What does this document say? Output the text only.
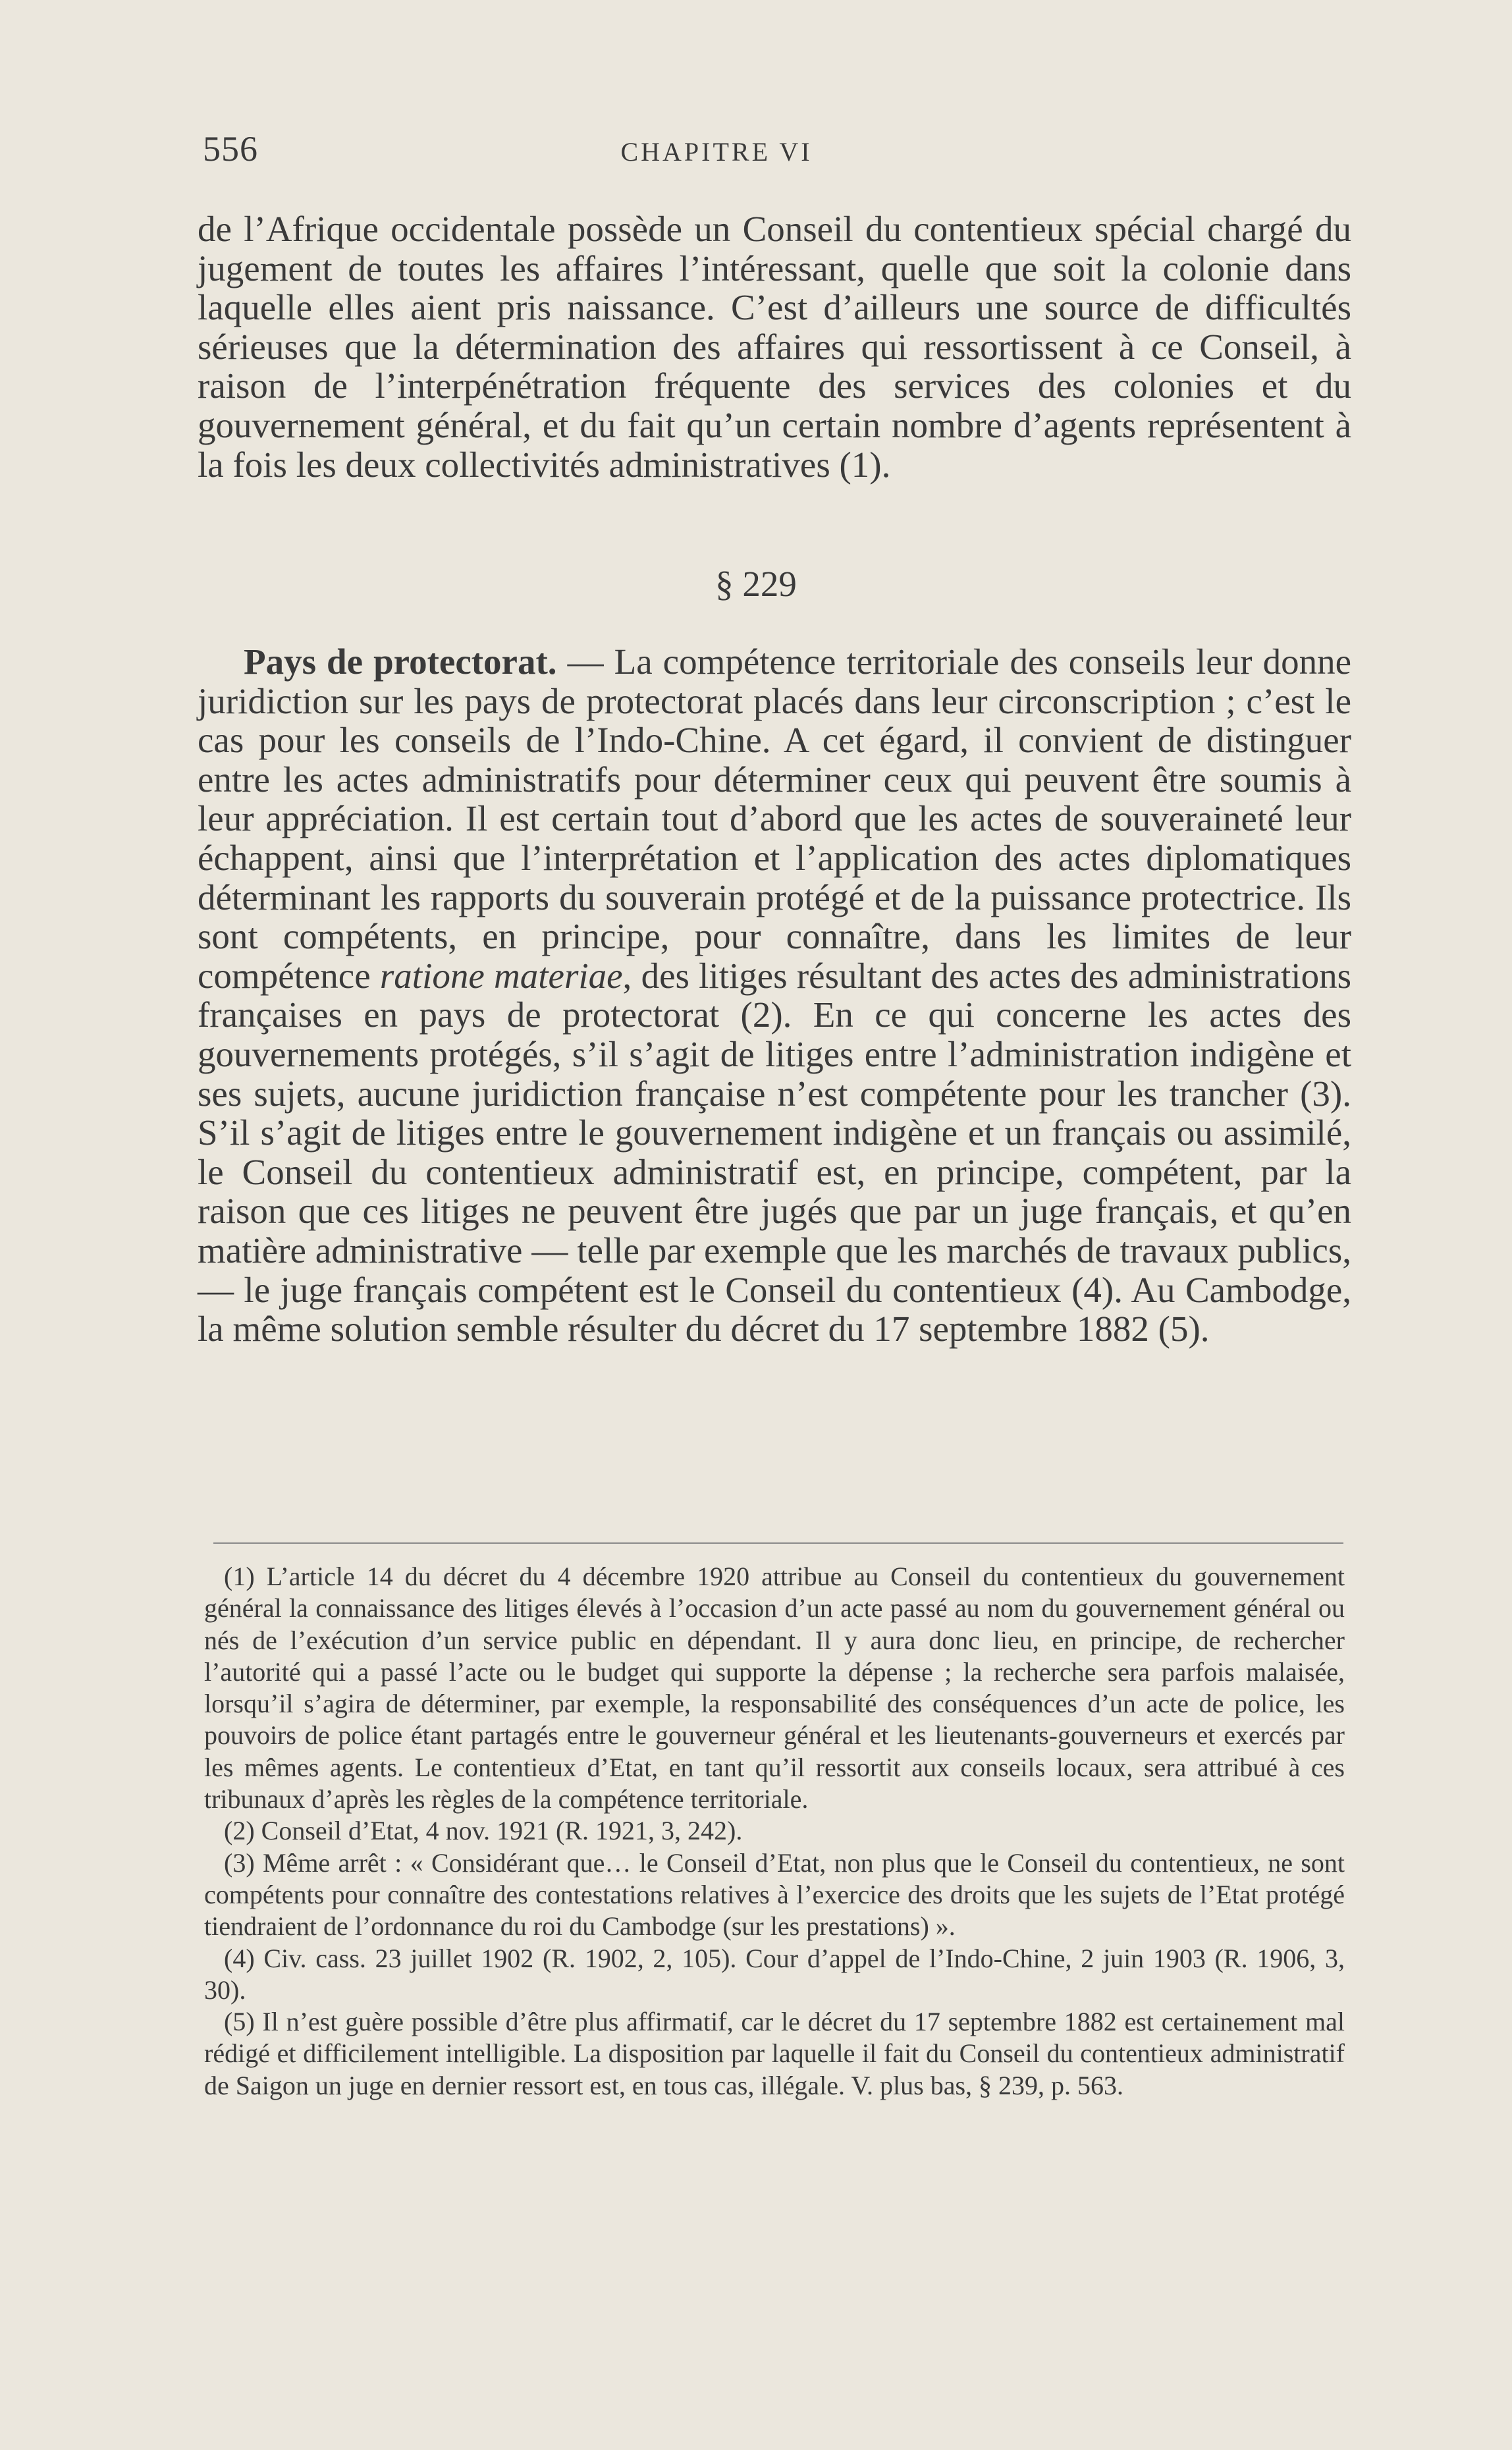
556	CHAPITRE VI

de l’Afrique occidentale possède un Conseil du contentieux spécial chargé du jugement de toutes les affaires l’intéressant, quelle que soit la colonie dans laquelle elles aient pris naissance. C’est d’ailleurs une source de difficultés sérieuses que la détermination des affaires qui ressortissent à ce Conseil, à raison de l’interpénétration fréquente des services des colonies et du gouvernement général, et du fait qu’un certain nombre d’agents représentent à la fois les deux collectivités administratives (1).

§ 229

Pays de protectorat. — La compétence territoriale des conseils leur donne juridiction sur les pays de protectorat placés dans leur circonscription ; c’est le cas pour les conseils de l’Indo-Chine. A cet égard, il convient de distinguer entre les actes administratifs pour déterminer ceux qui peuvent être soumis à leur appréciation. Il est certain tout d’abord que les actes de souveraineté leur échappent, ainsi que l’interprétation et l’application des actes diplomatiques déterminant les rapports du souverain protégé et de la puissance protectrice. Ils sont compétents, en principe, pour connaître, dans les limites de leur compétence ratione materiae, des litiges résultant des actes des administrations françaises en pays de protectorat (2). En ce qui concerne les actes des gouvernements protégés, s’il s’agit de litiges entre l’administration indigène et ses sujets, aucune juridiction française n’est compétente pour les trancher (3). S’il s’agit de litiges entre le gouvernement indigène et un français ou assimilé, le Conseil du contentieux administratif est, en principe, compétent, par la raison que ces litiges ne peuvent être jugés que par un juge français, et qu’en matière administrative — telle par exemple que les marchés de travaux publics, — le juge français compétent est le Conseil du contentieux (4). Au Cambodge, la même solution semble résulter du décret du 17 septembre 1882 (5).

(1) L’article 14 du décret du 4 décembre 1920 attribue au Conseil du contentieux du gouvernement général la connaissance des litiges élevés à l’occasion d’un acte passé au nom du gouvernement général ou nés de l’exécution d’un service public en dépendant. Il y aura donc lieu, en principe, de rechercher l’autorité qui a passé l’acte ou le budget qui supporte la dépense ; la recherche sera parfois malaisée, lorsqu’il s’agira de déterminer, par exemple, la responsabilité des conséquences d’un acte de police, les pouvoirs de police étant partagés entre le gouverneur général et les lieutenants-gouverneurs et exercés par les mêmes agents. Le contentieux d’Etat, en tant qu’il ressortit aux conseils locaux, sera attribué à ces tribunaux d’après les règles de la compétence territoriale.

(2) Conseil d’Etat, 4 nov. 1921 (R. 1921, 3, 242).

(3) Même arrêt : « Considérant que… le Conseil d’Etat, non plus que le Conseil du contentieux, ne sont compétents pour connaître des contestations relatives à l’exercice des droits que les sujets de l’Etat protégé tiendraient de l’ordonnance du roi du Cambodge (sur les prestations) ».

(4) Civ. cass. 23 juillet 1902 (R. 1902, 2, 105). Cour d’appel de l’Indo-Chine, 2 juin 1903 (R. 1906, 3, 30).

(5) Il n’est guère possible d’être plus affirmatif, car le décret du 17 septembre 1882 est certainement mal rédigé et difficilement intelligible. La disposition par laquelle il fait du Conseil du contentieux administratif de Saigon un juge en dernier ressort est, en tous cas, illégale. V. plus bas, § 239, p. 563.
